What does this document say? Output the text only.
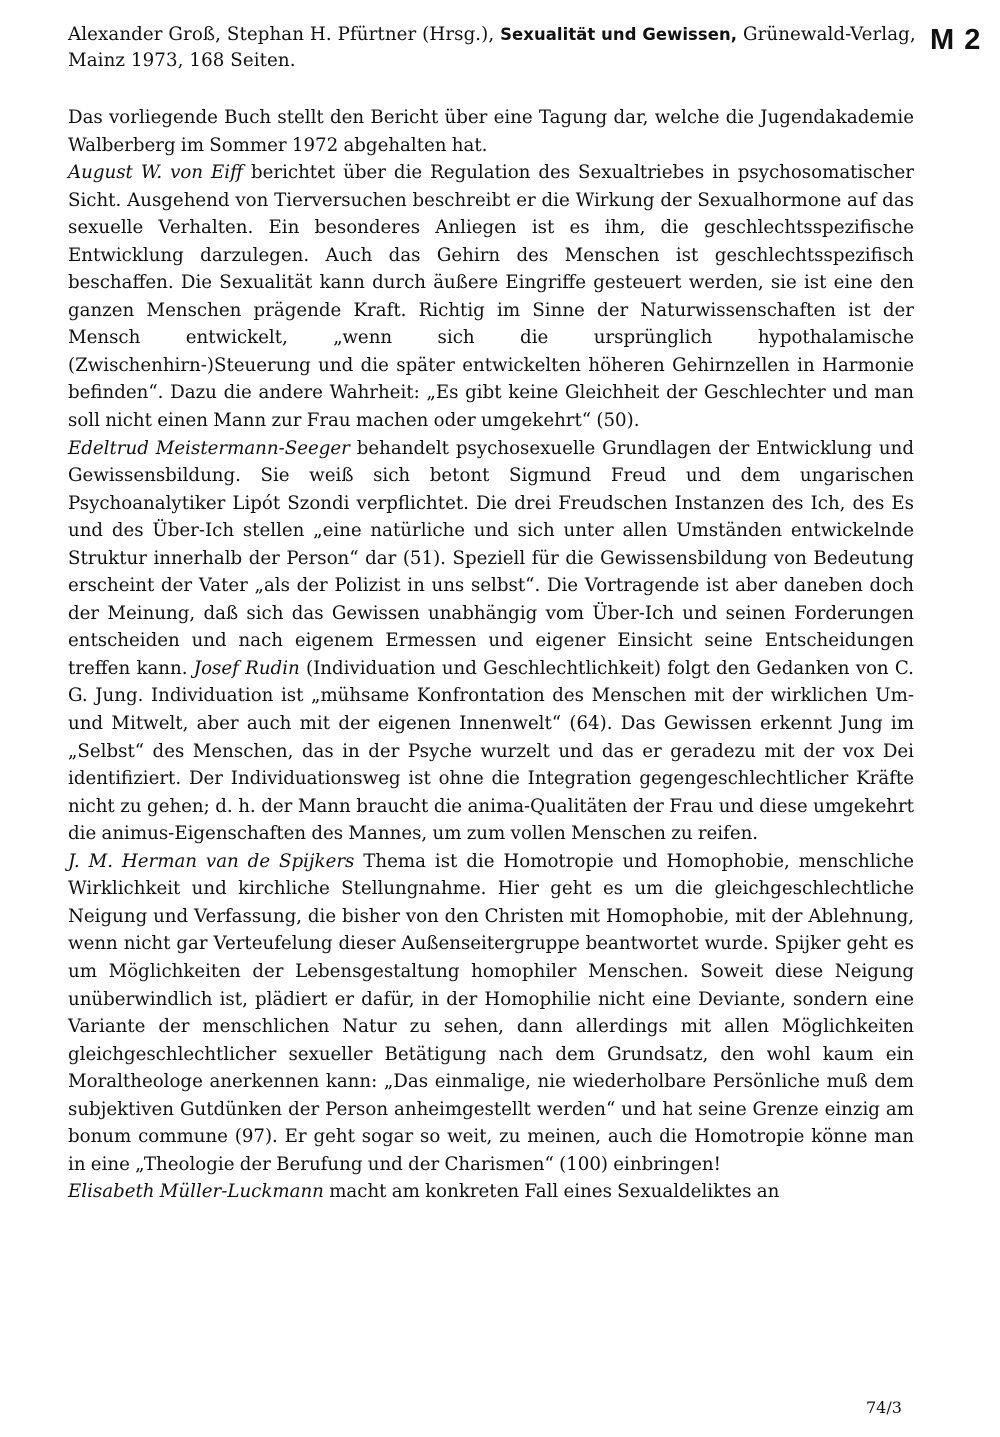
Alexander Groß, Stephan H. Pfürtner (Hrsg.), Sexualität und Gewissen, Grünewald-Verlag, Mainz 1973, 168 Seiten.
M 2

Das vorliegende Buch stellt den Bericht über eine Tagung dar, welche die Jugendakademie Walberberg im Sommer 1972 abgehalten hat.

August W. von Eiff berichtet über die Regulation des Sexualtriebes in psychosomatischer Sicht. Ausgehend von Tierversuchen beschreibt er die Wirkung der Sexualhormone auf das sexuelle Verhalten. Ein besonderes Anliegen ist es ihm, die geschlechtsspezifische Entwicklung darzulegen. Auch das Gehirn des Menschen ist geschlechtsspezifisch beschaffen. Die Sexualität kann durch äußere Eingriffe gesteuert werden, sie ist eine den ganzen Menschen prägende Kraft. Richtig im Sinne der Naturwissenschaften ist der Mensch entwickelt, „wenn sich die ursprünglich hypothalamische (Zwischenhirn-)Steuerung und die später entwickelten höheren Gehirnzellen in Harmonie befinden“. Dazu die andere Wahrheit: „Es gibt keine Gleichheit der Geschlechter und man soll nicht einen Mann zur Frau machen oder umgekehrt“ (50).

Edeltrud Meistermann-Seeger behandelt psychosexuelle Grundlagen der Entwicklung und Gewissensbildung. Sie weiß sich betont Sigmund Freud und dem ungarischen Psychoanalytiker Lipót Szondi verpflichtet. Die drei Freudschen Instanzen des Ich, des Es und des Über-Ich stellen „eine natürliche und sich unter allen Umständen entwickelnde Struktur innerhalb der Person“ dar (51). Speziell für die Gewissensbildung von Bedeutung erscheint der Vater „als der Polizist in uns selbst“. Die Vortragende ist aber daneben doch der Meinung, daß sich das Gewissen unabhängig vom Über-Ich und seinen Forderungen entscheiden und nach eigenem Ermessen und eigener Einsicht seine Entscheidungen treffen kann. Josef Rudin (Individuation und Geschlechtlichkeit) folgt den Gedanken von C. G. Jung. Individuation ist „mühsame Konfrontation des Menschen mit der wirklichen Um- und Mitwelt, aber auch mit der eigenen Innenwelt“ (64). Das Gewissen erkennt Jung im „Selbst“ des Menschen, das in der Psyche wurzelt und das er geradezu mit der vox Dei identifiziert. Der Individuationsweg ist ohne die Integration gegengeschlechtlicher Kräfte nicht zu gehen; d. h. der Mann braucht die anima-Qualitäten der Frau und diese umgekehrt die animus-Eigenschaften des Mannes, um zum vollen Menschen zu reifen.

J. M. Herman van de Spijkers Thema ist die Homotropie und Homophobie, menschliche Wirklichkeit und kirchliche Stellungnahme. Hier geht es um die gleichgeschlechtliche Neigung und Verfassung, die bisher von den Christen mit Homophobie, mit der Ablehnung, wenn nicht gar Verteufelung dieser Außenseitergruppe beantwortet wurde. Spijker geht es um Möglichkeiten der Lebensgestaltung homophiler Menschen. Soweit diese Neigung unüberwindlich ist, plädiert er dafür, in der Homophilie nicht eine Deviante, sondern eine Variante der menschlichen Natur zu sehen, dann allerdings mit allen Möglichkeiten gleichgeschlechtlicher sexueller Betätigung nach dem Grundsatz, den wohl kaum ein Moraltheologe anerkennen kann: „Das einmalige, nie wiederholbare Persönliche muß dem subjektiven Gutdünken der Person anheimgestellt werden“ und hat seine Grenze einzig am bonum commune (97). Er geht sogar so weit, zu meinen, auch die Homotropie könne man in eine „Theologie der Berufung und der Charismen“ (100) einbringen!

Elisabeth Müller-Luckmann macht am konkreten Fall eines Sexualdeliktes an

74/3
